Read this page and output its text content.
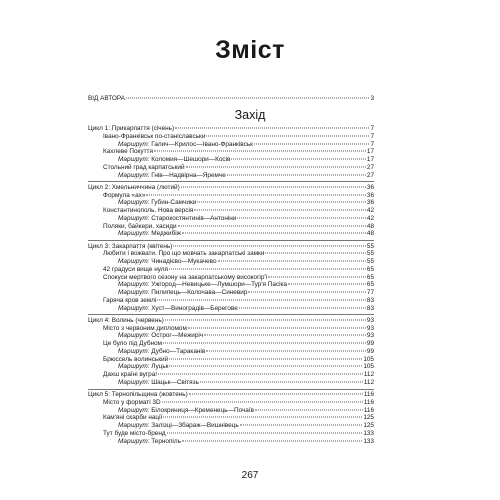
Зміст
ВІД АВТОРА	3
Захід
Цикл 1: Прикарпаття (січень)	7
Івано-Франківськ по-станіславськи	7
Маршрут: Галич—Крилос—Івано-Франківськ	7
Кахлеве Покуття	17
Маршрут: Коломия—Шешори—Косів	17
Стольний град карпатський	27
Маршрут: Гнів—Надвірна—Яремче	27
Цикл 2: Хмельниччина (лютий)	36
Формула «ах»	36
Маршрут: Губин-Самчики	36
Константинополь. Нова версія	42
Маршрут: Старокостянтинів—Антоніни	42
Поляки, байкери, хасиди	48
Маршрут: Меджибіж	48
Цикл 3: Закарпаття (квітень)	55
Любити і вожвати. Про що мовчать закарпатські замки	55
Маршрут: Чинадієво—Мукачево	55
42 градуси вище нуля	65
Спокуси мертвого сезону на закарпатському високогір'ї	65
Маршрут: Ужгород—Невицьке—Лумшори—Тур'я Пасіка	65
Маршрут: Пилипець—Колочава—Синевир	77
Гаряча кров землі	83
Маршрут: Хуст—Виноградів—Берегове	83
Цикл 4: Волинь (червень)	93
Місто з червоним дипломом	93
Маршрут: Острог—Межиріч	93
Це було під Дубном	99
Маршрут: Дубно—Тараканів	99
Брюссель волинський	105
Маршрут: Луцьк	105
Дахш країні вугра!	112
Маршрут: Шацьк—Світязь	112
Цикл 5: Тернопільщина (жовтень)	116
Місто у форматі 3D	116
Маршрут: Білокриниця—Кременець—Почаїв	116
Кам'яні скарби нації	125
Маршрут: Залізці—Збараж—Вишнівець	125
Тут буде місто-бренд	133
Маршрут: Тернопіль	133
267
